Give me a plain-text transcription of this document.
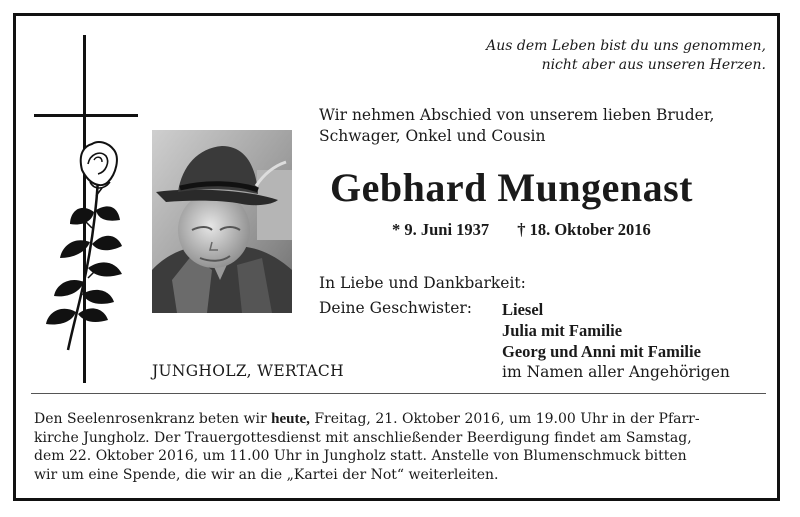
Aus dem Leben bist du uns genommen,
nicht aber aus unseren Herzen.
Wir nehmen Abschied von unserem lieben Bruder,
Schwager, Onkel und Cousin
Gebhard Mungenast
* 9. Juni 1937 † 18. Oktober 2016
In Liebe und Dankbarkeit:
Deine Geschwister: Liesel
Julia mit Familie
Georg und Anni mit Familie
im Namen aller Angehörigen
JUNGHOLZ, WERTACH
Den Seelenrosenkranz beten wir heute, Freitag, 21. Oktober 2016, um 19.00 Uhr in der Pfarr-
kirche Jungholz. Der Trauergottesdienst mit anschließender Beerdigung findet am Samstag,
dem 22. Oktober 2016, um 11.00 Uhr in Jungholz statt. Anstelle von Blumenschmuck bitten
wir um eine Spende, die wir an die „Kartei der Not“ weiterleiten.
